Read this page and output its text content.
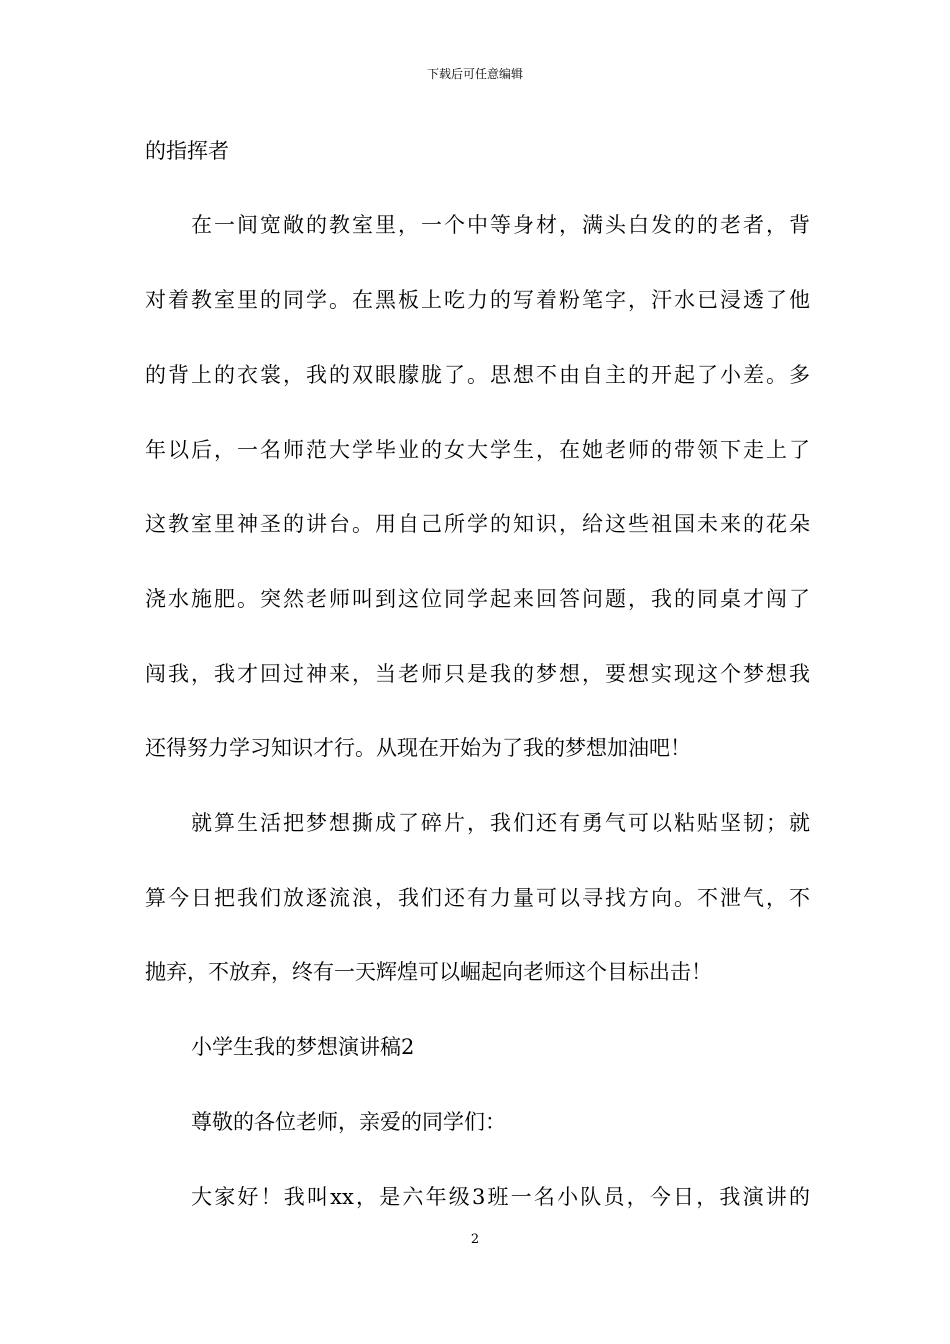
下载后可任意编辑
的指挥者
在一间宽敞的教室里，一个中等身材，满头白发的的老者，背
对着教室里的同学。在黑板上吃力的写着粉笔字，汗水已浸透了他
的背上的衣裳，我的双眼朦胧了。思想不由自主的开起了小差。多
年以后，一名师范大学毕业的女大学生，在她老师的带领下走上了
这教室里神圣的讲台。用自己所学的知识，给这些祖国未来的花朵
浇水施肥。突然老师叫到这位同学起来回答问题，我的同桌才闯了
闯我，我才回过神来，当老师只是我的梦想，要想实现这个梦想我
还得努力学习知识才行。从现在开始为了我的梦想加油吧！
就算生活把梦想撕成了碎片，我们还有勇气可以粘贴坚韧；就
算今日把我们放逐流浪，我们还有力量可以寻找方向。不泄气，不
抛弃，不放弃，终有一天辉煌可以崛起向老师这个目标出击！
小学生我的梦想演讲稿2
尊敬的各位老师，亲爱的同学们：
大家好！我叫xx，是六年级3班一名小队员，今日，我演讲的
2
